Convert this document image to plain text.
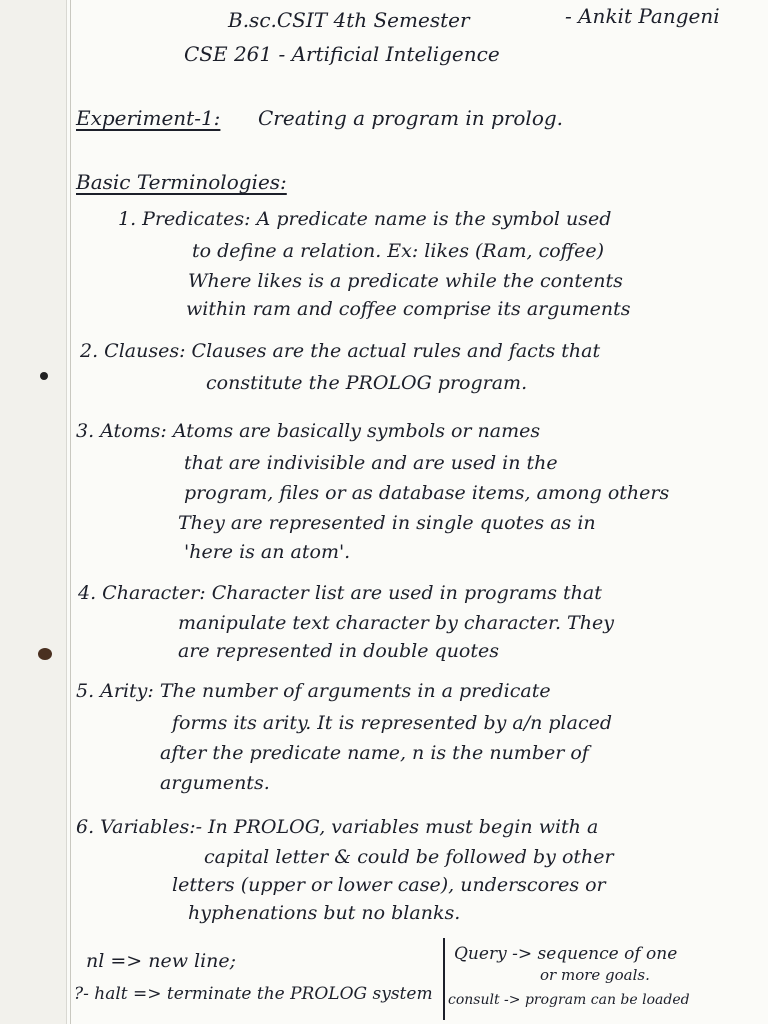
B.sc.CSIT 4th Semester	- Ankit Pangeni
CSE 261 - Artificial Inteligence
Experiment-1: Creating a program in prolog.
Basic Terminologies:
1. Predicates: A predicate name is the symbol used
to define a relation. Ex: likes (Ram, coffee)
Where likes is a predicate while the contents
within ram and coffee comprise its arguments
2. Clauses: Clauses are the actual rules and facts that
constitute the PROLOG program.
3. Atoms: Atoms are basically symbols or names
that are indivisible and are used in the
program, files or as database items, among others
They are represented in single quotes as in
'here is an atom'.
4. Character: Character list are used in programs that
manipulate text character by character. They
are represented in double quotes
5. Arity: The number of arguments in a predicate
forms its arity. It is represented by a/n placed
after the predicate name, n is the number of
arguments.
6. Variables:- In PROLOG, variables must begin with a
capital letter & could be followed by other
letters (upper or lower case), underscores or
hyphenations but no blanks.
nl => new line;
?- halt => terminate the PROLOG system
Query -> sequence of one
or more goals.
consult -> program can be loaded
